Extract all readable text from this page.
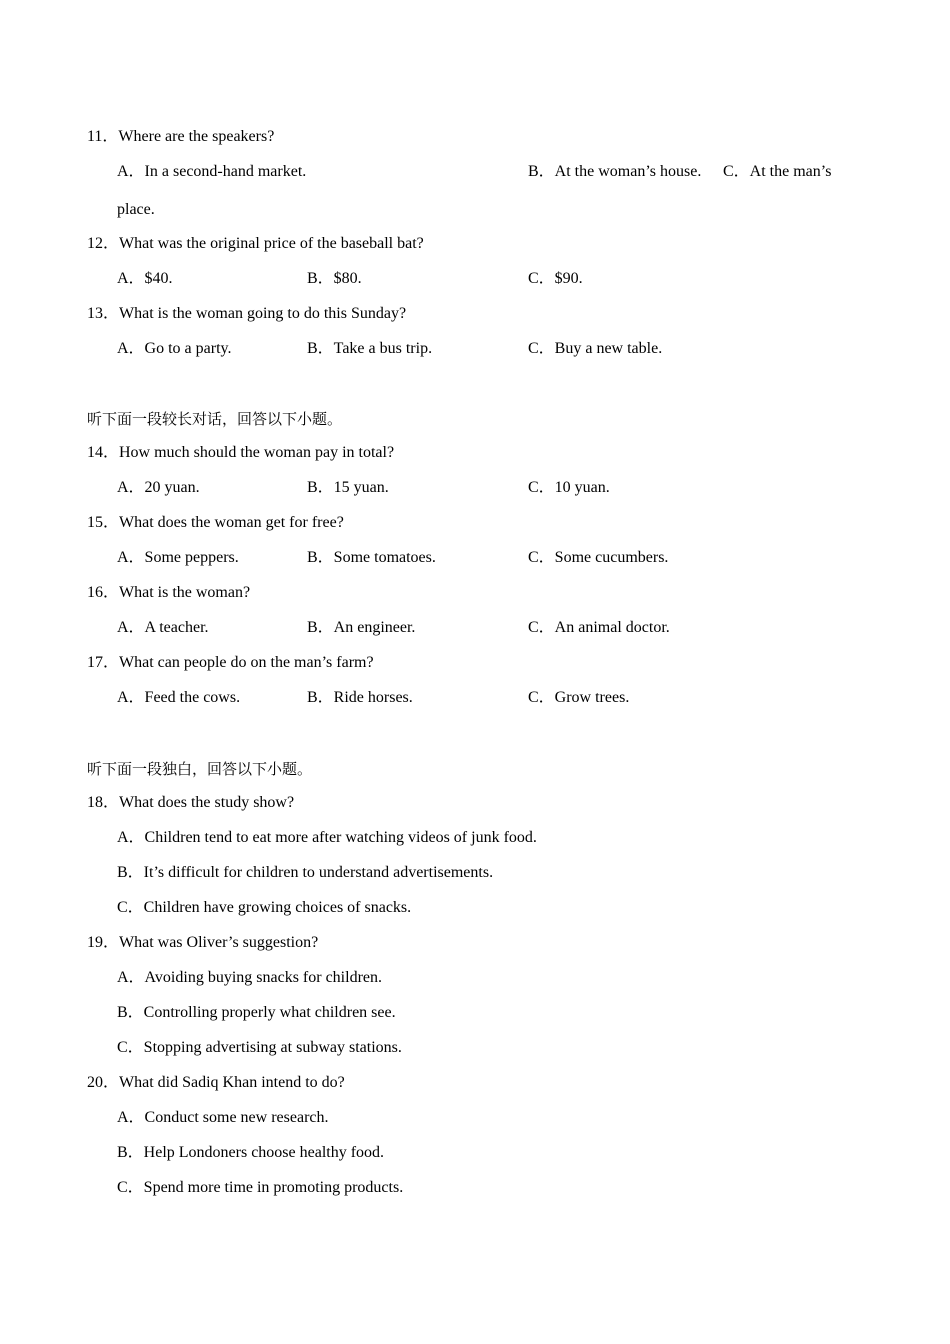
11．Where are the speakers?
A．In a second-hand market.	B．At the woman’s house. C．At the man’s
place.
12．What was the original price of the baseball bat?
A．$40.	B．$80.	C．$90.
13．What is the woman going to do this Sunday?
A．Go to a party.	B．Take a bus trip.	C．Buy a new table.
听下面一段较长对话，回答以下小题。
14．How much should the woman pay in total?
A．20 yuan.	B．15 yuan.	C．10 yuan.
15．What does the woman get for free?
A．Some peppers.	B．Some tomatoes.	C．Some cucumbers.
16．What is the woman?
A．A teacher.	B．An engineer.	C．An animal doctor.
17．What can people do on the man’s farm?
A．Feed the cows.	B．Ride horses.	C．Grow trees.
听下面一段独白，回答以下小题。
18．What does the study show?
A．Children tend to eat more after watching videos of junk food.
B．It’s difficult for children to understand advertisements.
C．Children have growing choices of snacks.
19．What was Oliver’s suggestion?
A．Avoiding buying snacks for children.
B．Controlling properly what children see.
C．Stopping advertising at subway stations.
20．What did Sadiq Khan intend to do?
A．Conduct some new research.
B．Help Londoners choose healthy food.
C．Spend more time in promoting products.
